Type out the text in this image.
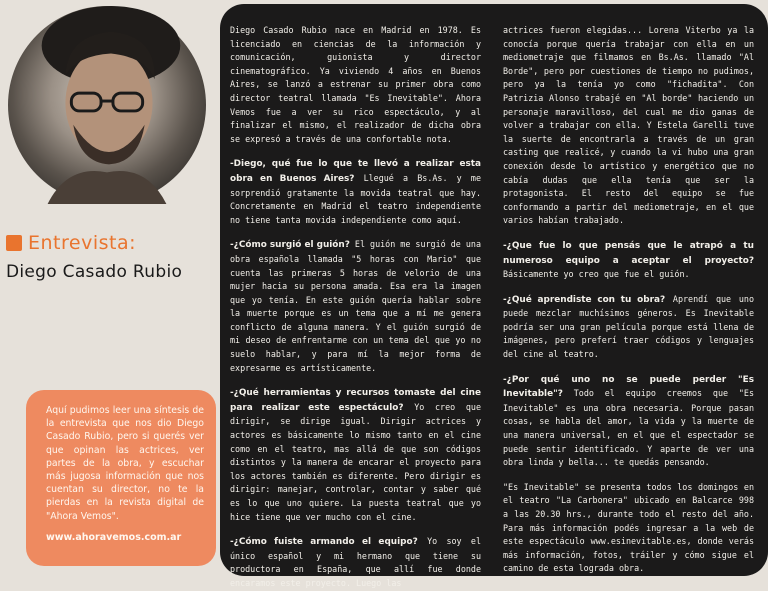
Entrevista:
Diego Casado Rubio
Aquí pudimos leer una síntesis de la entrevista que nos dio Diego Casado Rubio, pero si querés ver que opinan las actrices, ver partes de la obra, y escuchar más jugosa información que nos cuentan su director, no te la pierdas en la revista digital de "Ahora Vemos".
www.ahoravemos.com.ar

Diego Casado Rubio nace en Madrid en 1978. Es licenciado en ciencias de la información y comunicación, guionista y director cinematográfico. Ya viviendo 4 años en Buenos Aires, se lanzó a estrenar su primer obra como director teatral llamada "Es Inevitable". Ahora Vemos fue a ver su rico espectáculo, y al finalizar el mismo, el realizador de dicha obra se expresó a través de una confortable nota.

-Diego, qué fue lo que te llevó a realizar esta obra en Buenos Aires? Llegué a Bs.As. y me sorprendió gratamente la movida teatral que hay. Concretamente en Madrid el teatro independiente no tiene tanta movida independiente como aquí.

-¿Cómo surgió el guión? El guión me surgió de una obra española llamada "5 horas con Mario" que cuenta las primeras 5 horas de velorio de una mujer hacia su persona amada. Esa era la imagen que yo tenía. En este guión quería hablar sobre la muerte porque es un tema que a mí me genera conflicto de alguna manera. Y el guión surgió de mi deseo de enfrentarme con un tema del que yo no suelo hablar, y para mí la mejor forma de expresarme es artísticamente.

-¿Qué herramientas y recursos tomaste del cine para realizar este espectáculo? Yo creo que dirigir, se dirige igual. Dirigir actrices y actores es básicamente lo mismo tanto en el cine como en el teatro, mas allá de que son códigos distintos y la manera de encarar el proyecto para los actores también es diferente. Pero dirigir es dirigir: manejar, controlar, contar y saber qué es lo que uno quiere. La puesta teatral que yo hice tiene que ver mucho con el cine.

-¿Cómo fuiste armando el equipo? Yo soy el único español y mi hermano que tiene su productora en España, que allí fue donde encaramos este proyecto. Luego las

actrices fueron elegidas... Lorena Viterbo ya la conocía porque quería trabajar con ella en un mediometraje que filmamos en Bs.As. llamado "Al Borde", pero por cuestiones de tiempo no pudimos, pero ya la tenía yo como "fichadita". Con Patrizia Alonso trabajé en "Al borde" haciendo un personaje maravilloso, del cual me dio ganas de volver a trabajar con ella. Y Estela Garelli tuve la suerte de encontrarla a través de un gran casting que realicé, y cuando la vi hubo una gran conexión desde lo artístico y energético que no cabía dudas que ella tenía que ser la protagonista. El resto del equipo se fue conformando a partir del mediometraje, en el que varios habían trabajado.

-¿Que fue lo que pensás que le atrapó a tu numeroso equipo a aceptar el proyecto? Básicamente yo creo que fue el guión.

-¿Qué aprendiste con tu obra? Aprendí que uno puede mezclar muchísimos géneros. Es Inevitable podría ser una gran película porque está llena de imágenes, pero preferí traer códigos y lenguajes del cine al teatro.

-¿Por qué uno no se puede perder "Es Inevitable"? Todo el equipo creemos que "Es Inevitable" es una obra necesaria. Porque pasan cosas, se habla del amor, la vida y la muerte de una manera universal, en el que el espectador se puede sentir identificado. Y aparte de ver una obra linda y bella... te quedás pensando.

"Es Inevitable" se presenta todos los domingos en el teatro "La Carbonera" ubicado en Balcarce 998 a las 20.30 hrs., durante todo el resto del año. Para más información podés ingresar a la web de este espectáculo www.esinevitable.es, donde verás más información, fotos, tráiler y cómo sigue el camino de esta lograda obra.
